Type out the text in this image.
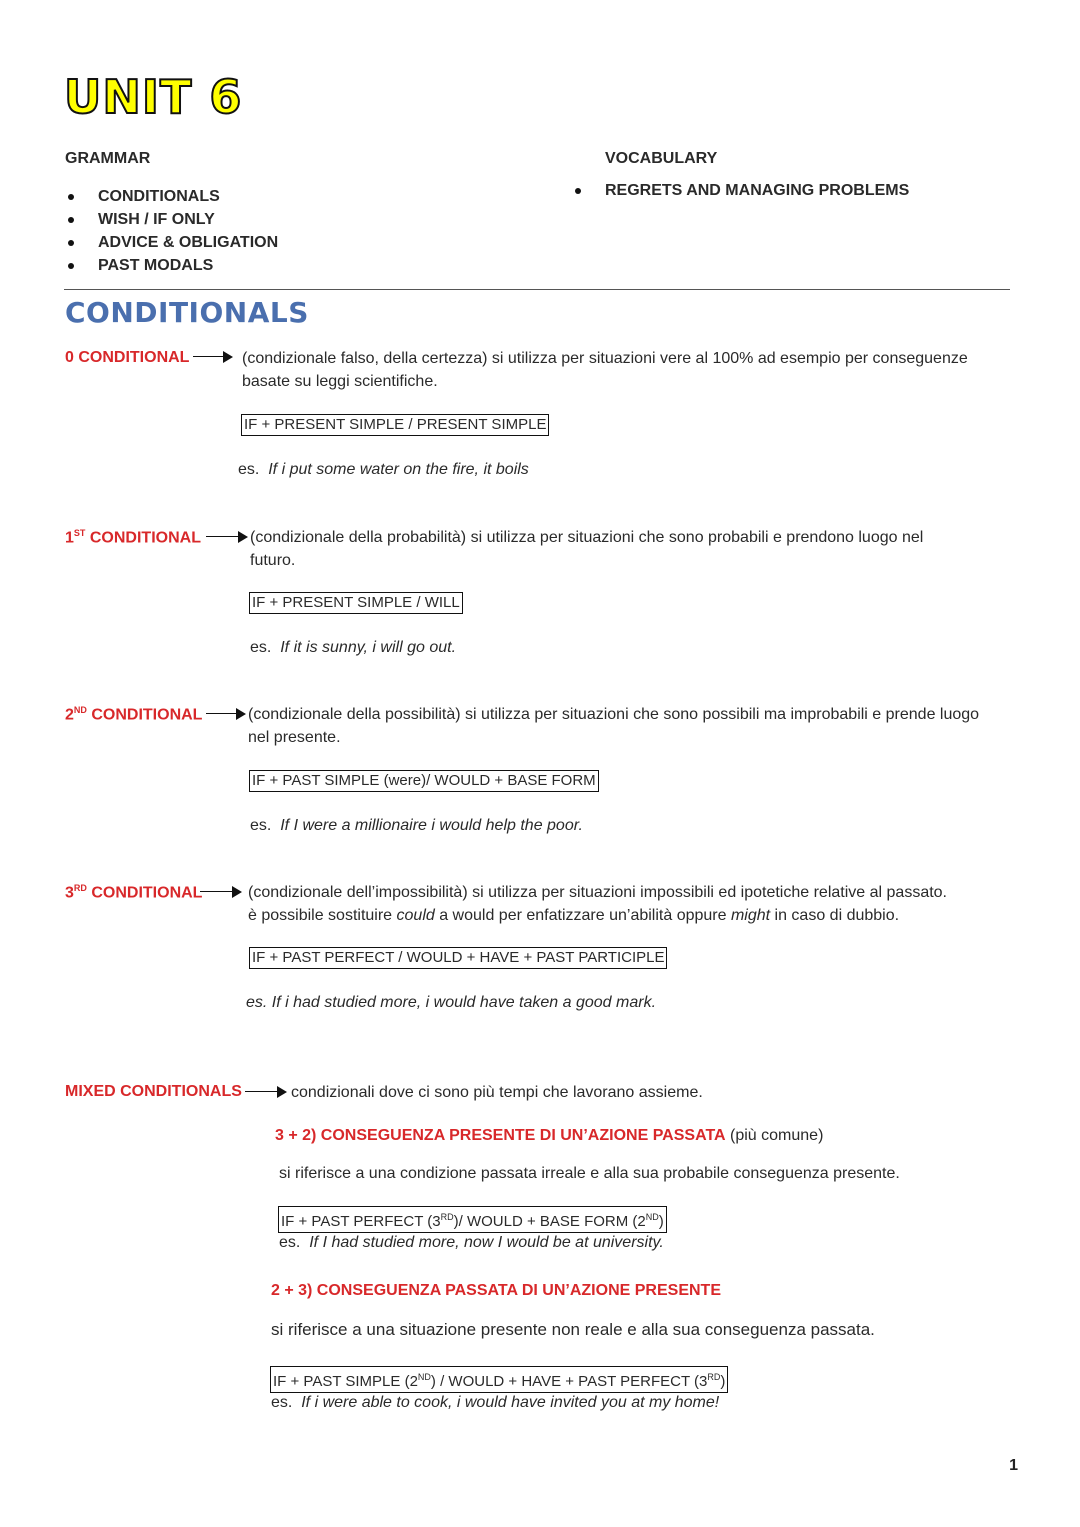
UNIT 6
GRAMMAR
CONDITIONALS
WISH / IF ONLY
ADVICE & OBLIGATION
PAST MODALS
VOCABULARY
REGRETS AND MANAGING PROBLEMS
CONDITIONALS
0 CONDITIONAL	(condizionale falso, della certezza) si utilizza per situazioni vere al 100% ad esempio per conseguenze basate su leggi scientifiche.
IF + PRESENT SIMPLE / PRESENT SIMPLE
es. If i put some water on the fire, it boils
1ST CONDITIONAL	(condizionale della probabilità) si utilizza per situazioni che sono probabili e prendono luogo nel futuro.
IF + PRESENT SIMPLE / WILL
es. If it is sunny, i will go out.
2ND CONDITIONAL	(condizionale della possibilità) si utilizza per situazioni che sono possibili ma improbabili e prende luogo nel presente.
IF + PAST SIMPLE (were)/ WOULD + BASE FORM
es. If I were a millionaire i would help the poor.
3RD CONDITIONAL	(condizionale dell’impossibilità) si utilizza per situazioni impossibili ed ipotetiche relative al passato.
è possibile sostituire could a would per enfatizzare un’abilità oppure might in caso di dubbio.
IF + PAST PERFECT / WOULD + HAVE + PAST PARTICIPLE
es. If i had studied more, i would have taken a good mark.
MIXED CONDITIONALS	condizionali dove ci sono più tempi che lavorano assieme.
3 + 2) CONSEGUENZA PRESENTE DI UN’AZIONE PASSATA (più comune)
si riferisce a una condizione passata irreale e alla sua probabile conseguenza presente.
IF + PAST PERFECT (3RD)/ WOULD + BASE FORM (2ND)
es. If I had studied more, now I would be at university.
2 + 3) CONSEGUENZA PASSATA DI UN’AZIONE PRESENTE
si riferisce a una situazione presente non reale e alla sua conseguenza passata.
IF + PAST SIMPLE (2ND) / WOULD + HAVE + PAST PERFECT (3RD)
es. If i were able to cook, i would have invited you at my home!
1
